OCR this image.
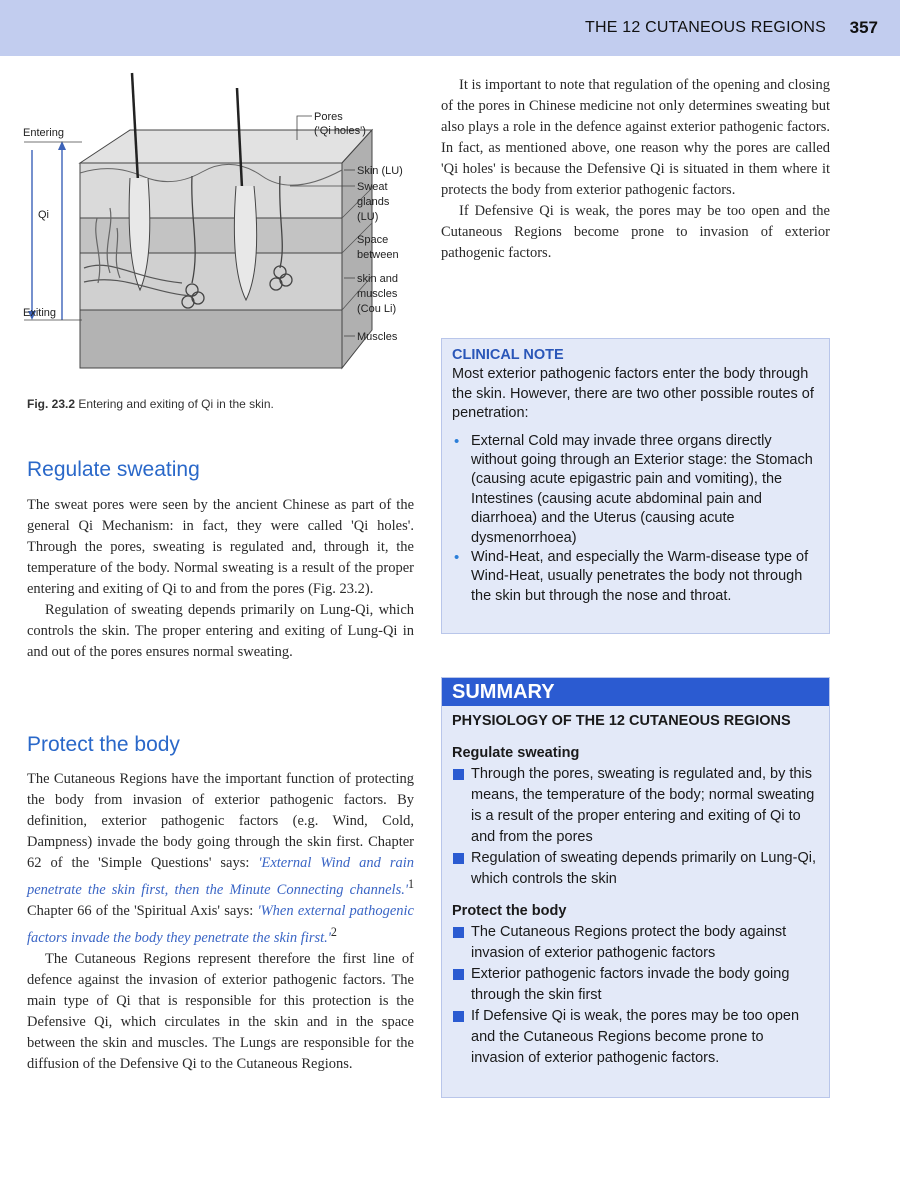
THE 12 CUTANEOUS REGIONS 357
Entering
Qi
Exiting
Pores
('Qi holes')
Skin (LU)
Sweat
glands
(LU)
Space
between
skin and
muscles
(Cou Li)
Muscles
Fig. 23.2 Entering and exiting of Qi in the skin.
Regulate sweating

The sweat pores were seen by the ancient Chinese as part of the general Qi Mechanism: in fact, they were called 'Qi holes'. Through the pores, sweating is regulated and, through it, the temperature of the body. Normal sweating is a result of the proper entering and exiting of Qi to and from the pores (Fig. 23.2).

Regulation of sweating depends primarily on Lung-Qi, which controls the skin. The proper entering and exiting of Lung-Qi in and out of the pores ensures normal sweating.

Protect the body

The Cutaneous Regions have the important function of protecting the body from invasion of exterior pathogenic factors. By definition, exterior pathogenic factors (e.g. Wind, Cold, Dampness) invade the body going through the skin first. Chapter 62 of the 'Simple Questions' says: 'External Wind and rain penetrate the skin first, then the Minute Connecting $channels.'^1$ Chapter 66 of the 'Spiritual Axis' says: 'When external pathogenic factors invade the body they penetrate the skin $first.'^2$

The Cutaneous Regions represent therefore the first line of defence against the invasion of exterior pathogenic factors. The main type of Qi that is responsible for this protection is the Defensive Qi, which circulates in the skin and in the space between the skin and muscles. The Lungs are responsible for the diffusion of the Defensive Qi to the Cutaneous Regions.

It is important to note that regulation of the opening and closing of the pores in Chinese medicine not only determines sweating but also plays a role in the defence against exterior pathogenic factors. In fact, as mentioned above, one reason why the pores are called 'Qi holes' is because the Defensive Qi is situated in them where it protects the body from exterior pathogenic factors.

If Defensive Qi is weak, the pores may be too open and the Cutaneous Regions become prone to invasion of exterior pathogenic factors.

CLINICAL NOTE
Most exterior pathogenic factors enter the body through the skin. However, there are two other possible routes of penetration:
• External Cold may invade three organs directly without going through an Exterior stage: the Stomach (causing acute epigastric pain and vomiting), the Intestines (causing acute abdominal pain and diarrhoea) and the Uterus (causing acute dysmenorrhoea)
• Wind-Heat, and especially the Warm-disease type of Wind-Heat, usually penetrates the body not through the skin but through the nose and throat.
SUMMARY
PHYSIOLOGY OF THE 12 CUTANEOUS REGIONS
Regulate sweating
Through the pores, sweating is regulated and, by this means, the temperature of the body; normal sweating is a result of the proper entering and exiting of Qi to and from the pores
Regulation of sweating depends primarily on Lung-Qi, which controls the skin
Protect the body
The Cutaneous Regions protect the body against invasion of exterior pathogenic factors
Exterior pathogenic factors invade the body going through the skin first
If Defensive Qi is weak, the pores may be too open and the Cutaneous Regions become prone to invasion of exterior pathogenic factors.
